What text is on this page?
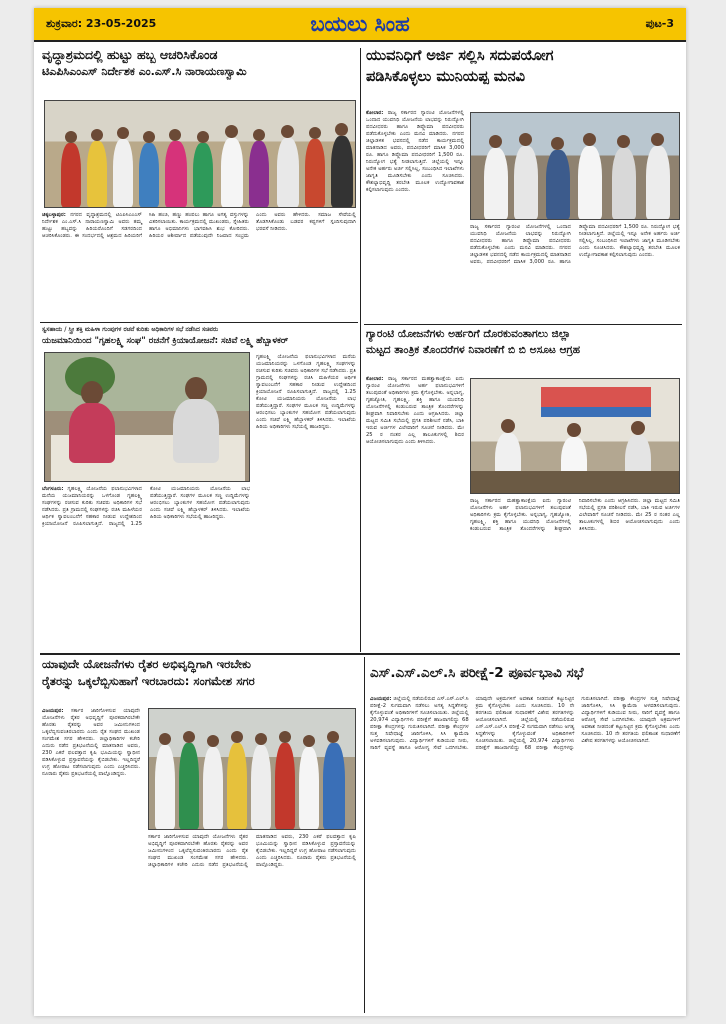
ಶುಕ್ರವಾರ: 23-05-2025	ಬಯಲು ಸಿಂಹ	ಪುಟ-3
ವೃದ್ಧಾಶ್ರಮದಲ್ಲಿ ಹುಟ್ಟು ಹಬ್ಬ ಆಚರಿಸಿಕೊಂಡ
ಟಿಎಪಿಸಿಎಂಎಸ್ ನಿರ್ದೇಶಕ ಎಂ.ಎಸ್.ಸಿ ನಾರಾಯಣಸ್ವಾಮಿ
ಚಿಕ್ಕಬಳ್ಳಾಪುರ: ನಗರದ ವೃದ್ಧಾಶ್ರಮದಲ್ಲಿ ಟಿಎಪಿಸಿಎಂಎಸ್ ನಿರ್ದೇಶಕ ಎಂ.ಎಸ್.ಸಿ ನಾರಾಯಣಸ್ವಾಮಿ ಅವರು ತಮ್ಮ ಹುಟ್ಟು ಹಬ್ಬವನ್ನು ಹಿರಿಯರೊಂದಿಗೆ ಸಡಗರದಿಂದ ಆಚರಿಸಿಕೊಂಡರು. ಈ ಸಂದರ್ಭದಲ್ಲಿ ಆಶ್ರಮದ ಹಿರಿಯರಿಗೆ ಸಿಹಿ ಹಂಚಿ, ಹಣ್ಣು ಹಂಪಲು ಹಾಗೂ ಅಗತ್ಯ ವಸ್ತುಗಳನ್ನು ವಿತರಿಸಲಾಯಿತು. ಕಾರ್ಯಕ್ರಮದಲ್ಲಿ ಮುಖಂಡರು, ಸ್ನೇಹಿತರು ಹಾಗೂ ಅಭಿಮಾನಿಗಳು ಭಾಗವಹಿಸಿ ಶುಭ ಕೋರಿದರು. ಹಿರಿಯರ ಆಶೀರ್ವಾದ ಪಡೆಯುವುದೇ ನಿಜವಾದ ಸಂಭ್ರಮ ಎಂದು ಅವರು ಹೇಳಿದರು. ಸಮಾಜ ಸೇವೆಯಲ್ಲಿ ತೊಡಗಿಸಿಕೊಂಡು ಬಡವರ ಕಷ್ಟಗಳಿಗೆ ಸ್ಪಂದಿಸುವುದಾಗಿ ಭರವಸೆ ನೀಡಿದರು.
ಸ್ವಸಹಾಯ / ಸ್ತ್ರೀ ಶಕ್ತಿ ಮಹಿಳಾ ಗುಂಪುಗಳ ರಚನೆ ಕುರಿತು ಅಧಿಕಾರಿಗಳ ಸಭೆ ನಡೆಸಿದ ಸಚಿವರು
ಯಜಮಾನಿಯಿಂದ "ಗೃಹಲಕ್ಷ್ಮಿ ಸಂಘ" ರಚನೆಗೆ ಕ್ರಿಯಾಯೋಜನೆ: ಸಚಿವೆ ಲಕ್ಷ್ಮಿ ಹೆಬ್ಬಾಳಕರ್
ಬೆಂಗಳೂರು: ಗೃಹಲಕ್ಷ್ಮಿ ಯೋಜನೆಯ ಫಲಾನುಭವಿಗಳಾದ ಮನೆಯ ಯಜಮಾನಿಯರನ್ನು ಒಳಗೊಂಡ ಗೃಹಲಕ್ಷ್ಮಿ ಸಂಘಗಳನ್ನು ರಚಿಸುವ ಕುರಿತು ಸಚಿವರು ಅಧಿಕಾರಿಗಳ ಸಭೆ ನಡೆಸಿದರು. ಪ್ರತಿ ಗ್ರಾಮದಲ್ಲಿ ಸಂಘಗಳನ್ನು ರಚಿಸಿ ಮಹಿಳೆಯರ ಆರ್ಥಿಕ ಸ್ವಾವಲಂಬನೆಗೆ ಸಹಕಾರ ನೀಡುವ ಉದ್ದೇಶದಿಂದ ಕ್ರಿಯಾಯೋಜನೆ ರೂಪಿಸಲಾಗುತ್ತಿದೆ. ರಾಜ್ಯದಲ್ಲಿ 1.25 ಕೋಟಿ ಯಜಮಾನಿಯರು ಯೋಜನೆಯ ಲಾಭ ಪಡೆಯುತ್ತಿದ್ದಾರೆ. ಸಂಘಗಳ ಮೂಲಕ ಸಣ್ಣ ಉದ್ದಿಮೆಗಳನ್ನು ಆರಂಭಿಸಲು ಬ್ಯಾಂಕುಗಳ ಸಹಯೋಗ ಪಡೆಯಲಾಗುವುದು ಎಂದು ಸಚಿವೆ ಲಕ್ಷ್ಮಿ ಹೆಬ್ಬಾಳಕರ್ ತಿಳಿಸಿದರು. ಇಲಾಖೆಯ ಹಿರಿಯ ಅಧಿಕಾರಿಗಳು ಸಭೆಯಲ್ಲಿ ಹಾಜರಿದ್ದರು.
ಗೃಹಲಕ್ಷ್ಮಿ ಯೋಜನೆಯ ಫಲಾನುಭವಿಗಳಾದ ಮನೆಯ ಯಜಮಾನಿಯರನ್ನು ಒಳಗೊಂಡ ಗೃಹಲಕ್ಷ್ಮಿ ಸಂಘಗಳನ್ನು ರಚಿಸುವ ಕುರಿತು ಸಚಿವರು ಅಧಿಕಾರಿಗಳ ಸಭೆ ನಡೆಸಿದರು. ಪ್ರತಿ ಗ್ರಾಮದಲ್ಲಿ ಸಂಘಗಳನ್ನು ರಚಿಸಿ ಮಹಿಳೆಯರ ಆರ್ಥಿಕ ಸ್ವಾವಲಂಬನೆಗೆ ಸಹಕಾರ ನೀಡುವ ಉದ್ದೇಶದಿಂದ ಕ್ರಿಯಾಯೋಜನೆ ರೂಪಿಸಲಾಗುತ್ತಿದೆ. ರಾಜ್ಯದಲ್ಲಿ 1.25 ಕೋಟಿ ಯಜಮಾನಿಯರು ಯೋಜನೆಯ ಲಾಭ ಪಡೆಯುತ್ತಿದ್ದಾರೆ. ಸಂಘಗಳ ಮೂಲಕ ಸಣ್ಣ ಉದ್ದಿಮೆಗಳನ್ನು ಆರಂಭಿಸಲು ಬ್ಯಾಂಕುಗಳ ಸಹಯೋಗ ಪಡೆಯಲಾಗುವುದು ಎಂದು ಸಚಿವೆ ಲಕ್ಷ್ಮಿ ಹೆಬ್ಬಾಳಕರ್ ತಿಳಿಸಿದರು. ಇಲಾಖೆಯ ಹಿರಿಯ ಅಧಿಕಾರಿಗಳು ಸಭೆಯಲ್ಲಿ ಹಾಜರಿದ್ದರು.
ಯುವನಿಧಿಗೆ ಅರ್ಜಿ ಸಲ್ಲಿಸಿ ಸದುಪಯೋಗ
ಪಡಿಸಿಕೊಳ್ಳಲು ಮುನಿಯಪ್ಪ ಮನವಿ
ಕೋಲಾರ: ರಾಜ್ಯ ಸರ್ಕಾರದ ಗ್ಯಾರಂಟಿ ಯೋಜನೆಗಳಲ್ಲಿ ಒಂದಾದ ಯುವನಿಧಿ ಯೋಜನೆಯ ಲಾಭವನ್ನು ನಿರುದ್ಯೋಗಿ ಪದವೀಧರರು ಹಾಗೂ ಡಿಪ್ಲೊಮಾ ಪದವೀಧರರು ಪಡೆದುಕೊಳ್ಳಬೇಕು ಎಂದು ಮನವಿ ಮಾಡಿದರು. ನಗರದ ಜಿಲ್ಲಾಡಳಿತ ಭವನದಲ್ಲಿ ನಡೆದ ಕಾರ್ಯಕ್ರಮದಲ್ಲಿ ಮಾತನಾಡಿದ ಅವರು, ಪದವೀಧರರಿಗೆ ಮಾಸಿಕ 3,000 ರೂ. ಹಾಗೂ ಡಿಪ್ಲೊಮಾ ಪದವೀಧರರಿಗೆ 1,500 ರೂ. ನಿರುದ್ಯೋಗ ಭತ್ಯೆ ನೀಡಲಾಗುತ್ತಿದೆ. ಜಿಲ್ಲೆಯಲ್ಲಿ ಇನ್ನೂ ಅನೇಕ ಅರ್ಹರು ಅರ್ಜಿ ಸಲ್ಲಿಸಿಲ್ಲ, ಸಂಬಂಧಿಸಿದ ಇಲಾಖೆಗಳು ಜಾಗೃತಿ ಮೂಡಿಸಬೇಕು ಎಂದು ಸೂಚಿಸಿದರು. ಕೌಶಲ್ಯಾಭಿವೃದ್ಧಿ ತರಬೇತಿ ಮೂಲಕ ಉದ್ಯೋಗಾವಕಾಶ ಕಲ್ಪಿಸಲಾಗುವುದು ಎಂದರು.
ರಾಜ್ಯ ಸರ್ಕಾರದ ಗ್ಯಾರಂಟಿ ಯೋಜನೆಗಳಲ್ಲಿ ಒಂದಾದ ಯುವನಿಧಿ ಯೋಜನೆಯ ಲಾಭವನ್ನು ನಿರುದ್ಯೋಗಿ ಪದವೀಧರರು ಹಾಗೂ ಡಿಪ್ಲೊಮಾ ಪದವೀಧರರು ಪಡೆದುಕೊಳ್ಳಬೇಕು ಎಂದು ಮನವಿ ಮಾಡಿದರು. ನಗರದ ಜಿಲ್ಲಾಡಳಿತ ಭವನದಲ್ಲಿ ನಡೆದ ಕಾರ್ಯಕ್ರಮದಲ್ಲಿ ಮಾತನಾಡಿದ ಅವರು, ಪದವೀಧರರಿಗೆ ಮಾಸಿಕ 3,000 ರೂ. ಹಾಗೂ ಡಿಪ್ಲೊಮಾ ಪದವೀಧರರಿಗೆ 1,500 ರೂ. ನಿರುದ್ಯೋಗ ಭತ್ಯೆ ನೀಡಲಾಗುತ್ತಿದೆ. ಜಿಲ್ಲೆಯಲ್ಲಿ ಇನ್ನೂ ಅನೇಕ ಅರ್ಹರು ಅರ್ಜಿ ಸಲ್ಲಿಸಿಲ್ಲ, ಸಂಬಂಧಿಸಿದ ಇಲಾಖೆಗಳು ಜಾಗೃತಿ ಮೂಡಿಸಬೇಕು ಎಂದು ಸೂಚಿಸಿದರು. ಕೌಶಲ್ಯಾಭಿವೃದ್ಧಿ ತರಬೇತಿ ಮೂಲಕ ಉದ್ಯೋಗಾವಕಾಶ ಕಲ್ಪಿಸಲಾಗುವುದು ಎಂದರು.
ಗ್ಯಾರಂಟಿ ಯೋಜನೆಗಳು ಅರ್ಹರಿಗೆ ದೊರಕುವಂತಾಗಲು ಜಿಲ್ಲಾ
ಮಟ್ಟದ ತಾಂತ್ರಿಕ ತೊಂದರೆಗಳ ನಿವಾರಣೆಗೆ ಬಿ ಬಿ ಅಸೂಟ ಆಗ್ರಹ
ಕೋಲಾರ: ರಾಜ್ಯ ಸರ್ಕಾರದ ಮಹತ್ವಾಕಾಂಕ್ಷೆಯ ಐದು ಗ್ಯಾರಂಟಿ ಯೋಜನೆಗಳು ಅರ್ಹ ಫಲಾನುಭವಿಗಳಿಗೆ ತಲುಪುವಂತೆ ಅಧಿಕಾರಿಗಳು ಕ್ರಮ ಕೈಗೊಳ್ಳಬೇಕು. ಅನ್ನಭಾಗ್ಯ, ಗೃಹಜ್ಯೋತಿ, ಗೃಹಲಕ್ಷ್ಮಿ, ಶಕ್ತಿ ಹಾಗೂ ಯುವನಿಧಿ ಯೋಜನೆಗಳಲ್ಲಿ ಕಂಡುಬರುವ ತಾಂತ್ರಿಕ ತೊಂದರೆಗಳನ್ನು ಶೀಘ್ರವಾಗಿ ನಿವಾರಿಸಬೇಕು ಎಂದು ಆಗ್ರಹಿಸಿದರು. ಜಿಲ್ಲಾ ಮಟ್ಟದ ಸಮಿತಿ ಸಭೆಯಲ್ಲಿ ಪ್ರಗತಿ ಪರಿಶೀಲನೆ ನಡೆಸಿ, ಬಾಕಿ ಇರುವ ಅರ್ಜಿಗಳ ವಿಲೇವಾರಿಗೆ ಸೂಚನೆ ನೀಡಿದರು. ಮೇ 25 ರ ನಂತರ ಎಲ್ಲ ತಾಲೂಕುಗಳಲ್ಲಿ ಶಿಬಿರ ಆಯೋಜಿಸಲಾಗುವುದು ಎಂದು ತಿಳಿಸಿದರು.
ರಾಜ್ಯ ಸರ್ಕಾರದ ಮಹತ್ವಾಕಾಂಕ್ಷೆಯ ಐದು ಗ್ಯಾರಂಟಿ ಯೋಜನೆಗಳು ಅರ್ಹ ಫಲಾನುಭವಿಗಳಿಗೆ ತಲುಪುವಂತೆ ಅಧಿಕಾರಿಗಳು ಕ್ರಮ ಕೈಗೊಳ್ಳಬೇಕು. ಅನ್ನಭಾಗ್ಯ, ಗೃಹಜ್ಯೋತಿ, ಗೃಹಲಕ್ಷ್ಮಿ, ಶಕ್ತಿ ಹಾಗೂ ಯುವನಿಧಿ ಯೋಜನೆಗಳಲ್ಲಿ ಕಂಡುಬರುವ ತಾಂತ್ರಿಕ ತೊಂದರೆಗಳನ್ನು ಶೀಘ್ರವಾಗಿ ನಿವಾರಿಸಬೇಕು ಎಂದು ಆಗ್ರಹಿಸಿದರು. ಜಿಲ್ಲಾ ಮಟ್ಟದ ಸಮಿತಿ ಸಭೆಯಲ್ಲಿ ಪ್ರಗತಿ ಪರಿಶೀಲನೆ ನಡೆಸಿ, ಬಾಕಿ ಇರುವ ಅರ್ಜಿಗಳ ವಿಲೇವಾರಿಗೆ ಸೂಚನೆ ನೀಡಿದರು. ಮೇ 25 ರ ನಂತರ ಎಲ್ಲ ತಾಲೂಕುಗಳಲ್ಲಿ ಶಿಬಿರ ಆಯೋಜಿಸಲಾಗುವುದು ಎಂದು ತಿಳಿಸಿದರು.
ಯಾವುದೇ ಯೋಜನೆಗಳು ರೈತರ ಅಭಿವೃದ್ಧಿಗಾಗಿ ಇರಬೇಕು
ರೈತರನ್ನು ಒಕ್ಕಲೆಬ್ಬಿಸುಹಾಗೆ ಇರಬಾರದು: ಸಂಗಮೇಶ ಸಗರ
ವಿಜಯಪುರ: ಸರ್ಕಾರ ಜಾರಿಗೊಳಿಸುವ ಯಾವುದೇ ಯೋಜನೆಗಳು ರೈತರ ಅಭಿವೃದ್ಧಿಗೆ ಪೂರಕವಾಗಿರಬೇಕೇ ಹೊರತು ರೈತರನ್ನು ಅವರ ಜಮೀನುಗಳಿಂದ ಒಕ್ಕಲೆಬ್ಬಿಸುವಂತಿರಬಾರದು ಎಂದು ರೈತ ಸಂಘದ ಮುಖಂಡ ಸಂಗಮೇಶ ಸಗರ ಹೇಳಿದರು. ಜಿಲ್ಲಾಧಿಕಾರಿಗಳ ಕಚೇರಿ ಎದುರು ನಡೆದ ಪ್ರತಿಭಟನೆಯಲ್ಲಿ ಮಾತನಾಡಿದ ಅವರು, 230 ಎಕರೆ ಫಲವತ್ತಾದ ಕೃಷಿ ಭೂಮಿಯನ್ನು ಸ್ವಾಧೀನ ಪಡಿಸಿಕೊಳ್ಳುವ ಪ್ರಸ್ತಾವನೆಯನ್ನು ಕೈಬಿಡಬೇಕು. ಇಲ್ಲದಿದ್ದರೆ ಉಗ್ರ ಹೋರಾಟ ನಡೆಸಲಾಗುವುದು ಎಂದು ಎಚ್ಚರಿಸಿದರು. ನೂರಾರು ರೈತರು ಪ್ರತಿಭಟನೆಯಲ್ಲಿ ಪಾಲ್ಗೊಂಡಿದ್ದರು.
ಸರ್ಕಾರ ಜಾರಿಗೊಳಿಸುವ ಯಾವುದೇ ಯೋಜನೆಗಳು ರೈತರ ಅಭಿವೃದ್ಧಿಗೆ ಪೂರಕವಾಗಿರಬೇಕೇ ಹೊರತು ರೈತರನ್ನು ಅವರ ಜಮೀನುಗಳಿಂದ ಒಕ್ಕಲೆಬ್ಬಿಸುವಂತಿರಬಾರದು ಎಂದು ರೈತ ಸಂಘದ ಮುಖಂಡ ಸಂಗಮೇಶ ಸಗರ ಹೇಳಿದರು. ಜಿಲ್ಲಾಧಿಕಾರಿಗಳ ಕಚೇರಿ ಎದುರು ನಡೆದ ಪ್ರತಿಭಟನೆಯಲ್ಲಿ ಮಾತನಾಡಿದ ಅವರು, 230 ಎಕರೆ ಫಲವತ್ತಾದ ಕೃಷಿ ಭೂಮಿಯನ್ನು ಸ್ವಾಧೀನ ಪಡಿಸಿಕೊಳ್ಳುವ ಪ್ರಸ್ತಾವನೆಯನ್ನು ಕೈಬಿಡಬೇಕು. ಇಲ್ಲದಿದ್ದರೆ ಉಗ್ರ ಹೋರಾಟ ನಡೆಸಲಾಗುವುದು ಎಂದು ಎಚ್ಚರಿಸಿದರು. ನೂರಾರು ರೈತರು ಪ್ರತಿಭಟನೆಯಲ್ಲಿ ಪಾಲ್ಗೊಂಡಿದ್ದರು.
ಎಸ್.ಎಸ್.ಎಲ್.ಸಿ ಪರೀಕ್ಷೆ-2 ಪೂರ್ವಭಾವಿ ಸಭೆ
ವಿಜಯಪುರ: ಜಿಲ್ಲೆಯಲ್ಲಿ ನಡೆಯಲಿರುವ ಎಸ್.ಎಸ್.ಎಲ್.ಸಿ ಪರೀಕ್ಷೆ-2 ಸುಗಮವಾಗಿ ನಡೆಸಲು ಅಗತ್ಯ ಸಿದ್ಧತೆಗಳನ್ನು ಕೈಗೊಳ್ಳುವಂತೆ ಅಧಿಕಾರಿಗಳಿಗೆ ಸೂಚಿಸಲಾಯಿತು. ಜಿಲ್ಲೆಯಲ್ಲಿ 20,974 ವಿದ್ಯಾರ್ಥಿಗಳು ಪರೀಕ್ಷೆಗೆ ಹಾಜರಾಗಲಿದ್ದು 68 ಪರೀಕ್ಷಾ ಕೇಂದ್ರಗಳನ್ನು ಗುರುತಿಸಲಾಗಿದೆ. ಪರೀಕ್ಷಾ ಕೇಂದ್ರಗಳ ಸುತ್ತ ನಿಷೇಧಾಜ್ಞೆ ಜಾರಿಗೊಳಿಸಿ, ಸಿಸಿ ಕ್ಯಾಮೆರಾ ಅಳವಡಿಸಲಾಗುವುದು. ವಿದ್ಯಾರ್ಥಿಗಳಿಗೆ ಕುಡಿಯುವ ನೀರು, ಸಾರಿಗೆ ವ್ಯವಸ್ಥೆ ಹಾಗೂ ಆರೋಗ್ಯ ಸೇವೆ ಒದಗಿಸಬೇಕು. ಯಾವುದೇ ಅಕ್ರಮಗಳಿಗೆ ಅವಕಾಶ ನೀಡದಂತೆ ಕಟ್ಟುನಿಟ್ಟಿನ ಕ್ರಮ ಕೈಗೊಳ್ಳಬೇಕು ಎಂದು ಸೂಚಿಸಿದರು. 10 ನೇ ತರಗತಿಯ ಫಲಿತಾಂಶ ಸುಧಾರಣೆಗೆ ವಿಶೇಷ ತರಗತಿಗಳನ್ನು ಆಯೋಜಿಸಲಾಗಿದೆ.	ಜಿಲ್ಲೆಯಲ್ಲಿ ನಡೆಯಲಿರುವ ಎಸ್.ಎಸ್.ಎಲ್.ಸಿ ಪರೀಕ್ಷೆ-2 ಸುಗಮವಾಗಿ ನಡೆಸಲು ಅಗತ್ಯ ಸಿದ್ಧತೆಗಳನ್ನು ಕೈಗೊಳ್ಳುವಂತೆ ಅಧಿಕಾರಿಗಳಿಗೆ ಸೂಚಿಸಲಾಯಿತು. ಜಿಲ್ಲೆಯಲ್ಲಿ 20,974 ವಿದ್ಯಾರ್ಥಿಗಳು ಪರೀಕ್ಷೆಗೆ ಹಾಜರಾಗಲಿದ್ದು 68 ಪರೀಕ್ಷಾ ಕೇಂದ್ರಗಳನ್ನು ಗುರುತಿಸಲಾಗಿದೆ. ಪರೀಕ್ಷಾ ಕೇಂದ್ರಗಳ ಸುತ್ತ ನಿಷೇಧಾಜ್ಞೆ ಜಾರಿಗೊಳಿಸಿ, ಸಿಸಿ ಕ್ಯಾಮೆರಾ ಅಳವಡಿಸಲಾಗುವುದು. ವಿದ್ಯಾರ್ಥಿಗಳಿಗೆ ಕುಡಿಯುವ ನೀರು, ಸಾರಿಗೆ ವ್ಯವಸ್ಥೆ ಹಾಗೂ ಆರೋಗ್ಯ ಸೇವೆ ಒದಗಿಸಬೇಕು. ಯಾವುದೇ ಅಕ್ರಮಗಳಿಗೆ ಅವಕಾಶ ನೀಡದಂತೆ ಕಟ್ಟುನಿಟ್ಟಿನ ಕ್ರಮ ಕೈಗೊಳ್ಳಬೇಕು ಎಂದು ಸೂಚಿಸಿದರು. 10 ನೇ ತರಗತಿಯ ಫಲಿತಾಂಶ ಸುಧಾರಣೆಗೆ ವಿಶೇಷ ತರಗತಿಗಳನ್ನು ಆಯೋಜಿಸಲಾಗಿದೆ.
